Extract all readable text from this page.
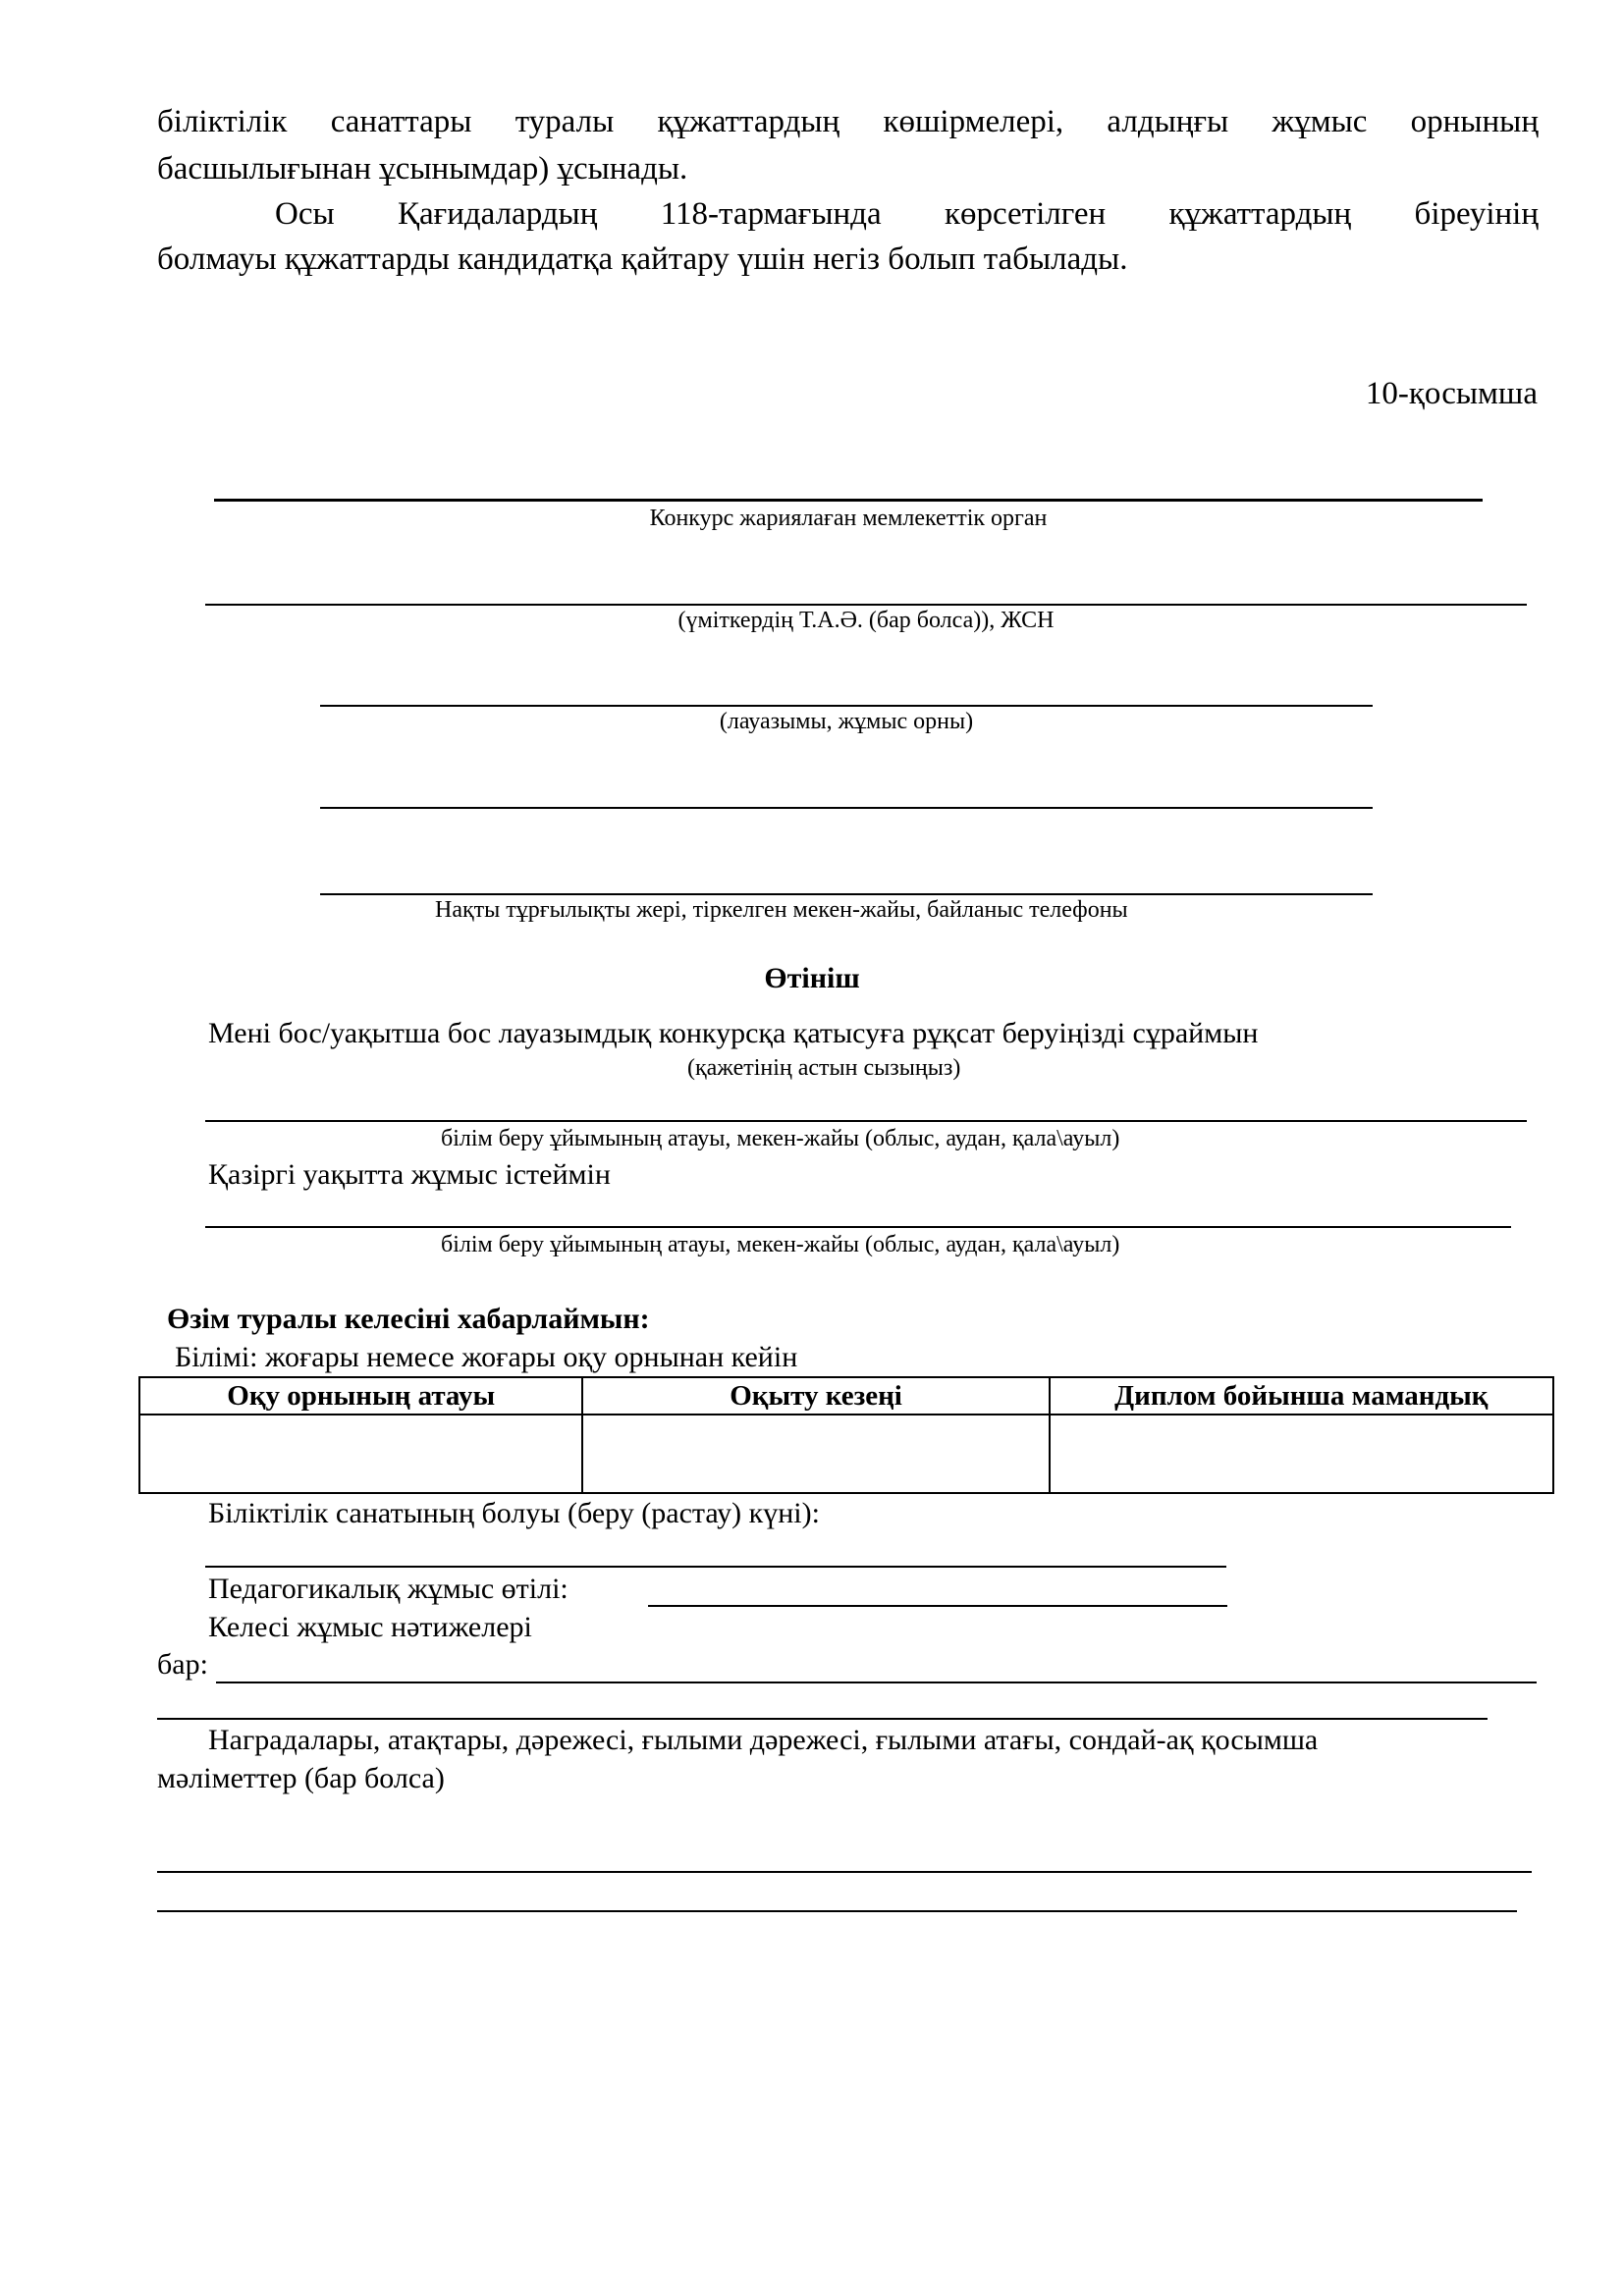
біліктілік санаттары туралы құжаттардың көшірмелері, алдыңғы жұмыс орнының
басшылығынан ұсынымдар) ұсынады.
Осы Қағидалардың 118-тармағында көрсетілген құжаттардың біреуінің
болмауы құжаттарды кандидатқа қайтару үшін негіз болып табылады.
10-қосымша
Конкурс жариялаған мемлекеттік орган
(үміткердің Т.А.Ә. (бар болса)), ЖСН
(лауазымы, жұмыс орны)
Нақты тұрғылықты жері, тіркелген мекен-жайы, байланыс телефоны
Өтініш
Мені бос/уақытша бос лауазымдық конкурсқа қатысуға рұқсат беруіңізді сұраймын
(қажетінің астын сызыңыз)
білім беру ұйымының атауы, мекен-жайы (облыс, аудан, қала\ауыл)
Қазіргі уақытта жұмыс істеймін
білім беру ұйымының атауы, мекен-жайы (облыс, аудан, қала\ауыл)
Өзім туралы келесіні хабарлаймын:
Білімі: жоғары немесе жоғары оқу орнынан кейін
Оқу орнының атауы	Оқыту кезеңі	Диплом бойынша мамандық

Біліктілік санатының болуы (беру (растау) күні):
Педагогикалық жұмыс өтілі:
Келесі жұмыс нәтижелері
бар:
Наградалары, атақтары, дәрежесі, ғылыми дәрежесі, ғылыми атағы, сондай-ақ қосымша
мәліметтер (бар болса)
